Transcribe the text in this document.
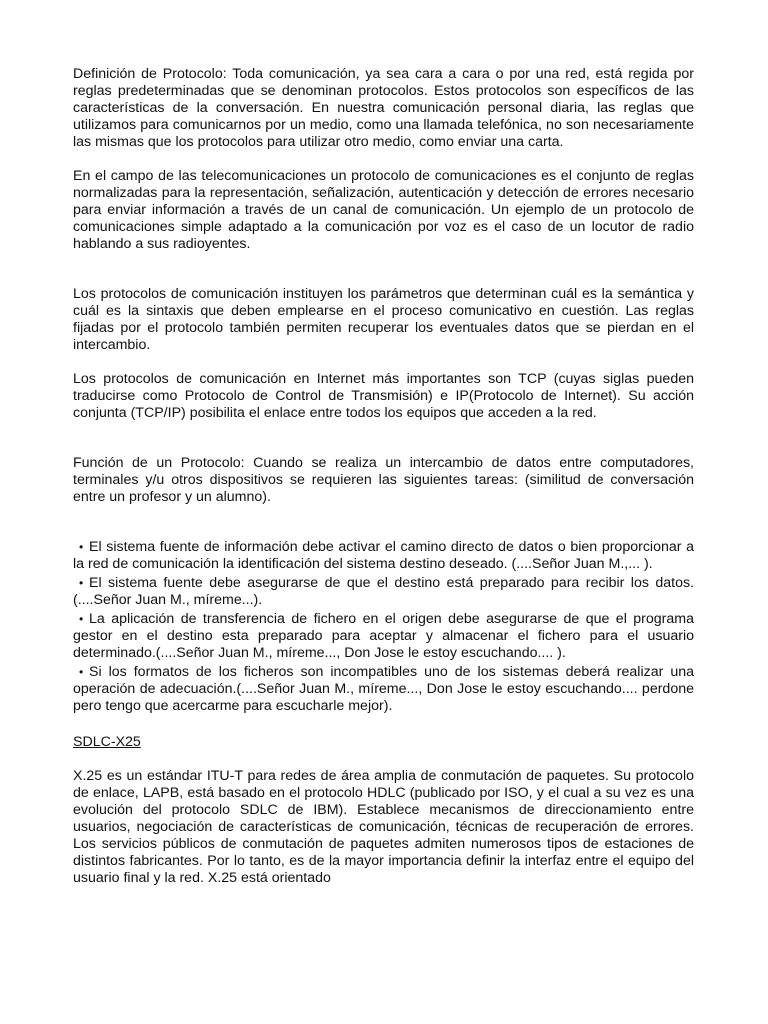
Definición de Protocolo: Toda comunicación, ya sea cara a cara o por una red, está regida por reglas predeterminadas que se denominan protocolos. Estos protocolos son específicos de las características de la conversación. En nuestra comunicación personal diaria, las reglas que utilizamos para comunicarnos por un medio, como una llamada telefónica, no son necesariamente las mismas que los protocolos para utilizar otro medio, como enviar una carta.

En el campo de las telecomunicaciones un protocolo de comunicaciones es el conjunto de reglas normalizadas para la representación, señalización, autenticación y detección de errores necesario para enviar información a través de un canal de comunicación. Un ejemplo de un protocolo de comunicaciones simple adaptado a la comunicación por voz es el caso de un locutor de radio hablando a sus radioyentes.

Los protocolos de comunicación instituyen los parámetros que determinan cuál es la semántica y cuál es la sintaxis que deben emplearse en el proceso comunicativo en cuestión. Las reglas fijadas por el protocolo también permiten recuperar los eventuales datos que se pierdan en el intercambio.

Los protocolos de comunicación en Internet más importantes son TCP (cuyas siglas pueden traducirse como Protocolo de Control de Transmisión) e IP(Protocolo de Internet). Su acción conjunta (TCP/IP) posibilita el enlace entre todos los equipos que acceden a la red.

Función de un Protocolo: Cuando se realiza un intercambio de datos entre computadores, terminales y/u otros dispositivos se requieren las siguientes tareas: (similitud de conversación entre un profesor y un alumno).

• El sistema fuente de información debe activar el camino directo de datos o bien proporcionar a la red de comunicación la identificación del sistema destino deseado. (....Señor Juan M.,... ).
• El sistema fuente debe asegurarse de que el destino está preparado para recibir los datos.(....Señor Juan M., míreme...).
• La aplicación de transferencia de fichero en el origen debe asegurarse de que el programa gestor en el destino esta preparado para aceptar y almacenar el fichero para el usuario determinado.(....Señor Juan M., míreme..., Don Jose le estoy escuchando.... ).
• Si los formatos de los ficheros son incompatibles uno de los sistemas deberá realizar una operación de adecuación.(....Señor Juan M., míreme..., Don Jose le estoy escuchando.... perdone pero tengo que acercarme para escucharle mejor).

SDLC-X25

X.25 es un estándar ITU-T para redes de área amplia de conmutación de paquetes. Su protocolo de enlace, LAPB, está basado en el protocolo HDLC (publicado por ISO, y el cual a su vez es una evolución del protocolo SDLC de IBM). Establece mecanismos de direccionamiento entre usuarios, negociación de características de comunicación, técnicas de recuperación de errores. Los servicios públicos de conmutación de paquetes admiten numerosos tipos de estaciones de distintos fabricantes. Por lo tanto, es de la mayor importancia definir la interfaz entre el equipo del usuario final y la red. X.25 está orientado
